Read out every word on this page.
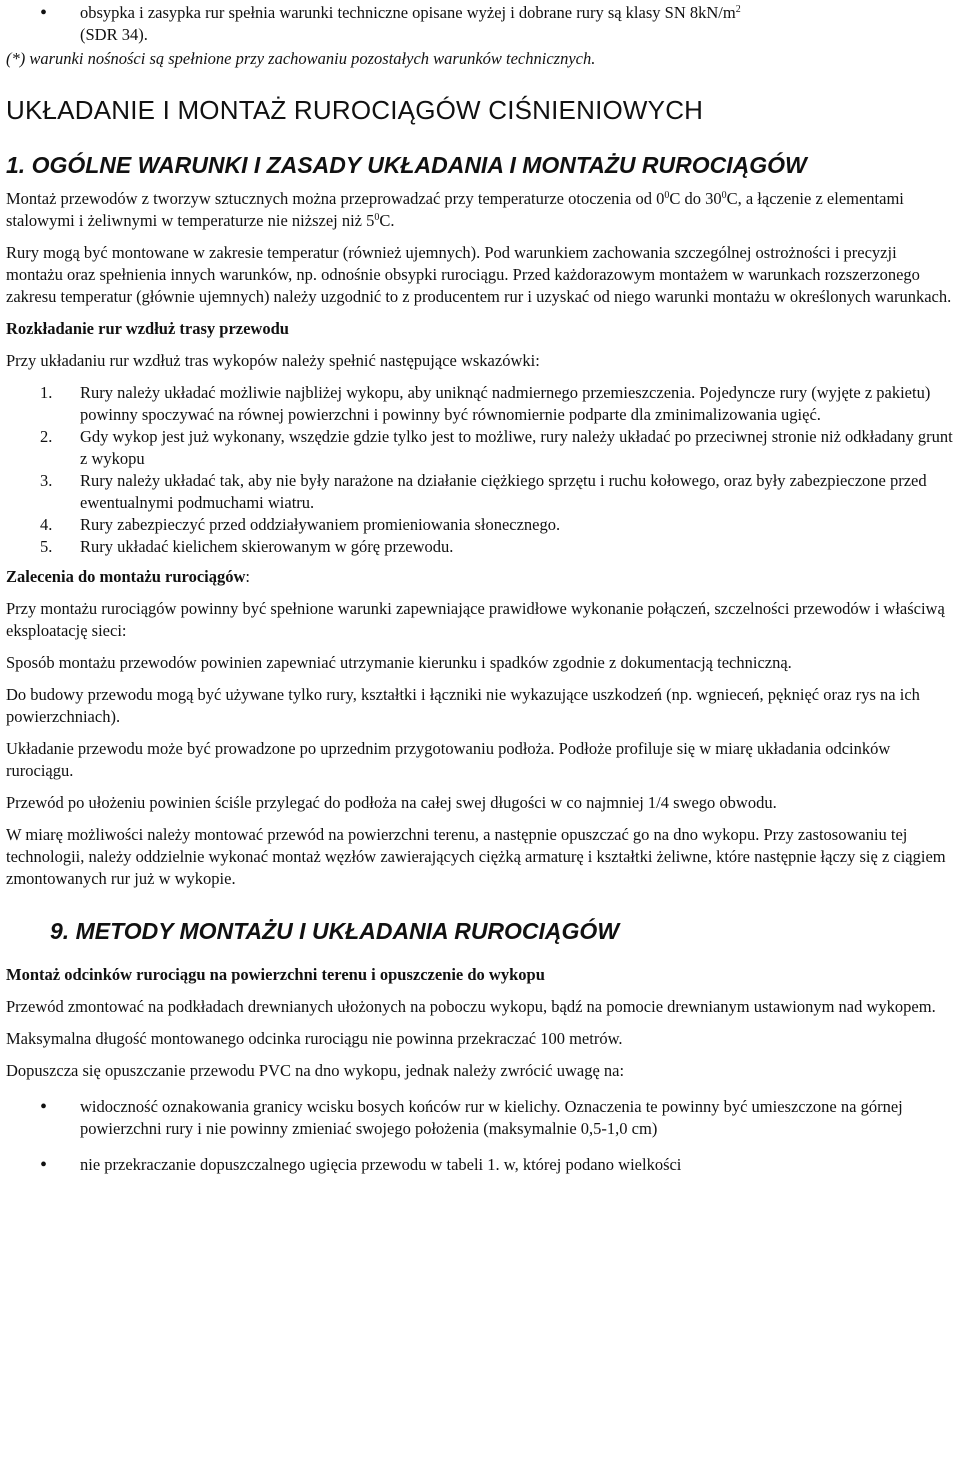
• obsypka i zasypka rur spełnia warunki techniczne opisane wyżej i dobrane rury są klasy SN $8kN/m^2$
(SDR 34).

(*) warunki nośności są spełnione przy zachowaniu pozostałych warunków technicznych.

UKŁADANIE I MONTAŻ RUROCIĄGÓW CIŚNIENIOWYCH
1. OGÓLNE WARUNKI I ZASADY UKŁADANIA I MONTAŻU RUROCIĄGÓW

Montaż przewodów z tworzyw sztucznych można przeprowadzać przy temperaturze otoczenia od $0^0C$ do $30^0C$, a łączenie z elementami stalowymi i żeliwnymi w temperaturze nie niższej niż $5^0C$.

Rury mogą być montowane w zakresie temperatur (również ujemnych). Pod warunkiem zachowania szczególnej ostrożności i precyzji montażu oraz spełnienia innych warunków, np. odnośnie obsypki rurociągu. Przed każdorazowym montażem w warunkach rozszerzonego zakresu temperatur (głównie ujemnych) należy uzgodnić to z producentem rur i uzyskać od niego warunki montażu w określonych warunkach.

Rozkładanie rur wzdłuż trasy przewodu

Przy układaniu rur wzdłuż tras wykopów należy spełnić następujące wskazówki:

1. Rury należy układać możliwie najbliżej wykopu, aby uniknąć nadmiernego przemieszczenia. Pojedyncze rury (wyjęte z pakietu) powinny spoczywać na równej powierzchni i powinny być równomiernie podparte dla zminimalizowania ugięć.
2. Gdy wykop jest już wykonany, wszędzie gdzie tylko jest to możliwe, rury należy układać po przeciwnej stronie niż odkładany grunt z wykopu
3. Rury należy układać tak, aby nie były narażone na działanie ciężkiego sprzętu i ruchu kołowego, oraz były zabezpieczone przed ewentualnymi podmuchami wiatru.
4. Rury zabezpieczyć przed oddziaływaniem promieniowania słonecznego.
5. Rury układać kielichem skierowanym w górę przewodu.

Zalecenia do montażu rurociągów:

Przy montażu rurociągów powinny być spełnione warunki zapewniające prawidłowe wykonanie połączeń, szczelności przewodów i właściwą eksploatację sieci:

Sposób montażu przewodów powinien zapewniać utrzymanie kierunku i spadków zgodnie z dokumentacją techniczną.

Do budowy przewodu mogą być używane tylko rury, kształtki i łączniki nie wykazujące uszkodzeń (np. wgnieceń, pęknięć oraz rys na ich powierzchniach).

Układanie przewodu może być prowadzone po uprzednim przygotowaniu podłoża. Podłoże profiluje się w miarę układania odcinków rurociągu.

Przewód po ułożeniu powinien ściśle przylegać do podłoża na całej swej długości w co najmniej 1/4 swego obwodu.

W miarę możliwości należy montować przewód na powierzchni terenu, a następnie opuszczać go na dno wykopu. Przy zastosowaniu tej technologii, należy oddzielnie wykonać montaż węzłów zawierających ciężką armaturę i kształtki żeliwne, które następnie łączy się z ciągiem zmontowanych rur już w wykopie.

9. METODY MONTAŻU I UKŁADANIA RUROCIĄGÓW

Montaż odcinków rurociągu na powierzchni terenu i opuszczenie do wykopu

Przewód zmontować na podkładach drewnianych ułożonych na poboczu wykopu, bądź na pomocie drewnianym ustawionym nad wykopem.

Maksymalna długość montowanego odcinka rurociągu nie powinna przekraczać 100 metrów.

Dopuszcza się opuszczanie przewodu PVC na dno wykopu, jednak należy zwrócić uwagę na:

• widoczność oznakowania granicy wcisku bosych końców rur w kielichy. Oznaczenia te powinny być umieszczone na górnej powierzchni rury i nie powinny zmieniać swojego położenia (maksymalnie 0,5-1,0 cm)
• nie przekraczanie dopuszczalnego ugięcia przewodu w tabeli 1. w, której podano wielkości
